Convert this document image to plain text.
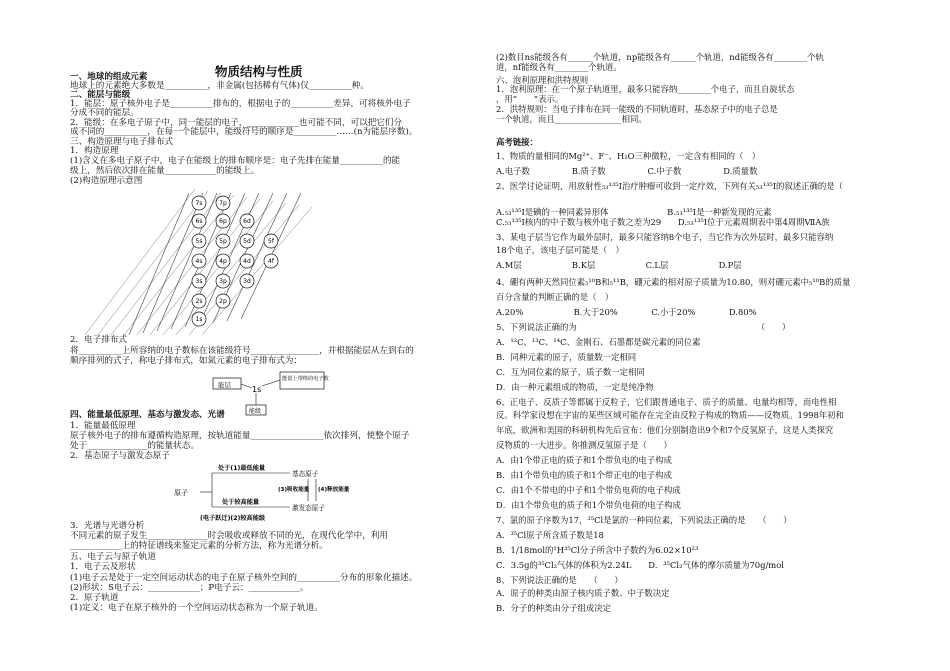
物质结构与性质
一、地球的组成元素
地球上的元素绝大多数是__________，非金属(包括稀有气体)仅__________种。
二、能层与能级
1．能层：原子核外电子是__________排布的，根据电子的__________差异，可将核外电子
分成不同的能层。
2．能级：在多电子原子中，同一能层的电子，____________也可能不同，可以把它们分
成不同的__________，在每一个能层中，能级符号的顺序是__________……(n为能层序数)。
三、构造原理与电子排布式
1．构造原理
(1)含义在多电子原子中，电子在能级上的排布顺序是：电子先排在能量__________的能
级上，然后依次排在能量____________的能级上。
(2)构造原理示意图
2．电子排布式
将__________上所容纳的电子数标在该能级符号________________，并根据能层从左到右的
顺序排列的式子，称电子排布式，如氮元素的电子排布式为：
四、能量最低原理、基态与激发态、光谱
1．能量最低原理
原子核外电子的排布遵循构造原理，按轨道能量_________________依次排列，使整个原子
处于______________的能量状态。
2．基态原子与激发态原子
3．光谱与光谱分析
不同元素的原子发生______________时会吸收或释放不同的光，在现代化学中，利用
____________上的特征谱线来鉴定元素的分析方法，称为光谱分析。
五、电子云与原子轨道
1．电子云及形状
(1)电子云是处于一定空间运动状态的电子在原子核外空间的__________分布的形象化描述。
(2)形状：S电子云：____________；P电子云：____________。
2．原子轨道
(1)定义：电子在原子核外的一个空间运动状态称为一个原子轨道。
(2)数目ns能级各有______个轨道，np能级各有______个轨道，nd能级各有________个轨
道，nf能级各有________个轨道。
六、泡利原理和洪特规则
1．泡利原理：在一个原子轨道里，最多只能容纳________个电子，而且自旋状态
，用“　　”表示。
2．洪特规则：当电子排布在同一能级的不同轨道时，基态原子中的电子总是
一个轨道，而且________________相同。
高考链接：
1、物质的量相同的Mg²⁺、F⁻、H₂O三种微粒，一定含有相同的（　）
A.电子数　　　　　B.质子数　　　　　C.中子数　　　　　D.质量数
2、医学讨论证明，用放射性₅₃¹³⁵I治疗肿瘤可收到一定疗效，下列有关₅₃¹³⁵I的叙述正确的是（
A.₅₃¹³⁵I是碘的一种同素异形体　　　　　　　B.₅₃¹³⁵I是一种新发现的元素
C.₅₃¹³⁵I核内的中子数与核外电子数之差为29　　D.₅₃¹³⁵I位于元素周期表中第4周期ⅦA族
3、某电子层当它作为最外层时，最多只能容纳8个电子，当它作为次外层时，最多只能容纳
18个电子，该电子层可能是（　）
A.M层　　　　　　B.K层　　　　　　C.L层　　　　　　D.P层
4、硼有两种天然同位素₅¹⁰B和₅¹¹B，硼元素的相对原子质量为10.80，则对硼元素中₅¹⁰B的质量
百分含量的判断正确的是（　）
A.20%　　　　　　B.大于20%　　　　C.小于20%　　　　D.80%
5、下列说法正确的为　　　　　　　　　　　　　　　　　　　　　　（　　）
A．¹²C、¹³C、¹⁴C、金刚石、石墨都是碳元素的同位素
B．同种元素的原子，质量数一定相同
C．互为同位素的原子，质子数一定相同
D．由一种元素组成的物质，一定是纯净物
6、正电子、反质子等都属于反粒子，它们跟普通电子、质子的质量、电量均相等，而电性相
反。科学家设想在宇宙的某些区域可能存在完全由反粒子构成的物质——反物质。1998年初和
年底，欧洲和美国的科研机构先后宣布：他们分别制造出9个和7个反氢原子，这是人类探究
反物质的一大进步。你推测反氢原子是（　　）
A．由1个带正电的质子和1个带负电的电子构成
B．由1个带负电的质子和1个带正电的电子构成
C．由1个不带电的中子和1个带负电荷的电子构成
D．由1个带负电的质子和1个带负电荷的电子构成
7、氯的原子序数为17，³⁵Cl是氯的一种同位素，下列说法正确的是　　（　　）
A．³⁵Cl原子所含质子数是18
B．1/18mol的¹H³⁵Cl分子所含中子数约为6.02×10²³
C．3.5g的³⁵Cl₂气体的体积为2.24L　　D．³⁵Cl₂气体的摩尔质量为70g/mol
8、下列说法正确的是　　（　　）
A．原子的种类由原子核内质子数、中子数决定
B．分子的种类由分子组成决定
7s	7p
6s	6p	6d
5s	5p	5d	5f
4s	4p	4d	4f
3s	3p	3d
2s	2p
1s
能层	1s
能量上带格的电子数
能级
原子
处于(1)最低能量
基态原子
处于较高能量
激发态原子
(3)吸收能量 (4)释放能量
(电子跃迁)(2)较高能级
